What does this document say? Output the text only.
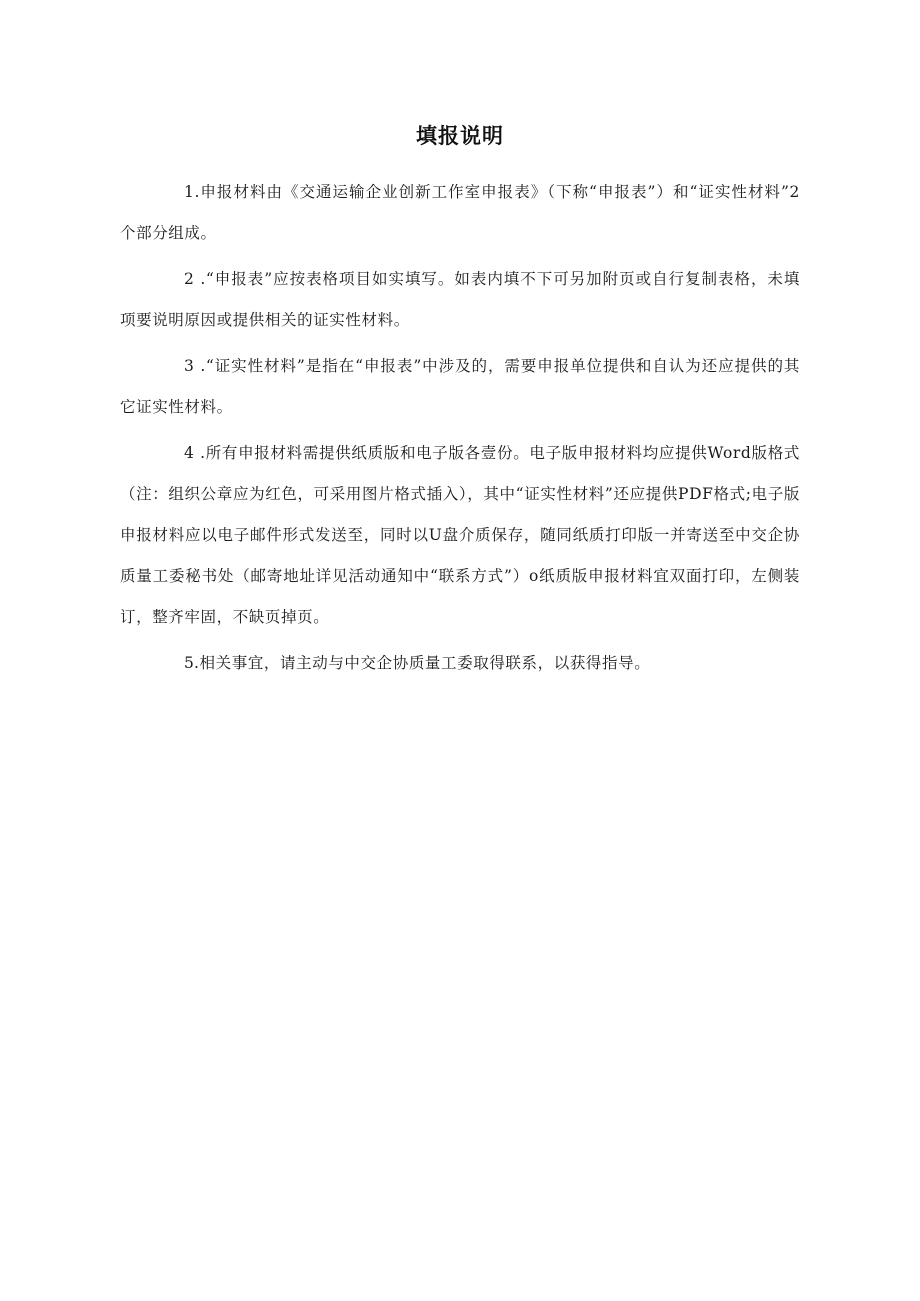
填报说明

1.申报材料由《交通运输企业创新工作室申报表》（下称“申报表”）和“证实性材料”2个部分组成。

2 .“申报表”应按表格项目如实填写。如表内填不下可另加附页或自行复制表格，未填项要说明原因或提供相关的证实性材料。

3 .“证实性材料”是指在“申报表”中涉及的，需要申报单位提供和自认为还应提供的其它证实性材料。

4 .所有申报材料需提供纸质版和电子版各壹份。电子版申报材料均应提供Word版格式（注：组织公章应为红色，可采用图片格式插入），其中“证实性材料”还应提供PDF格式;电子版申报材料应以电子邮件形式发送至，同时以U盘介质保存，随同纸质打印版一并寄送至中交企协质量工委秘书处（邮寄地址详见活动通知中“联系方式”）o纸质版申报材料宜双面打印，左侧装订，整齐牢固，不缺页掉页。

5.相关事宜，请主动与中交企协质量工委取得联系，以获得指导。
